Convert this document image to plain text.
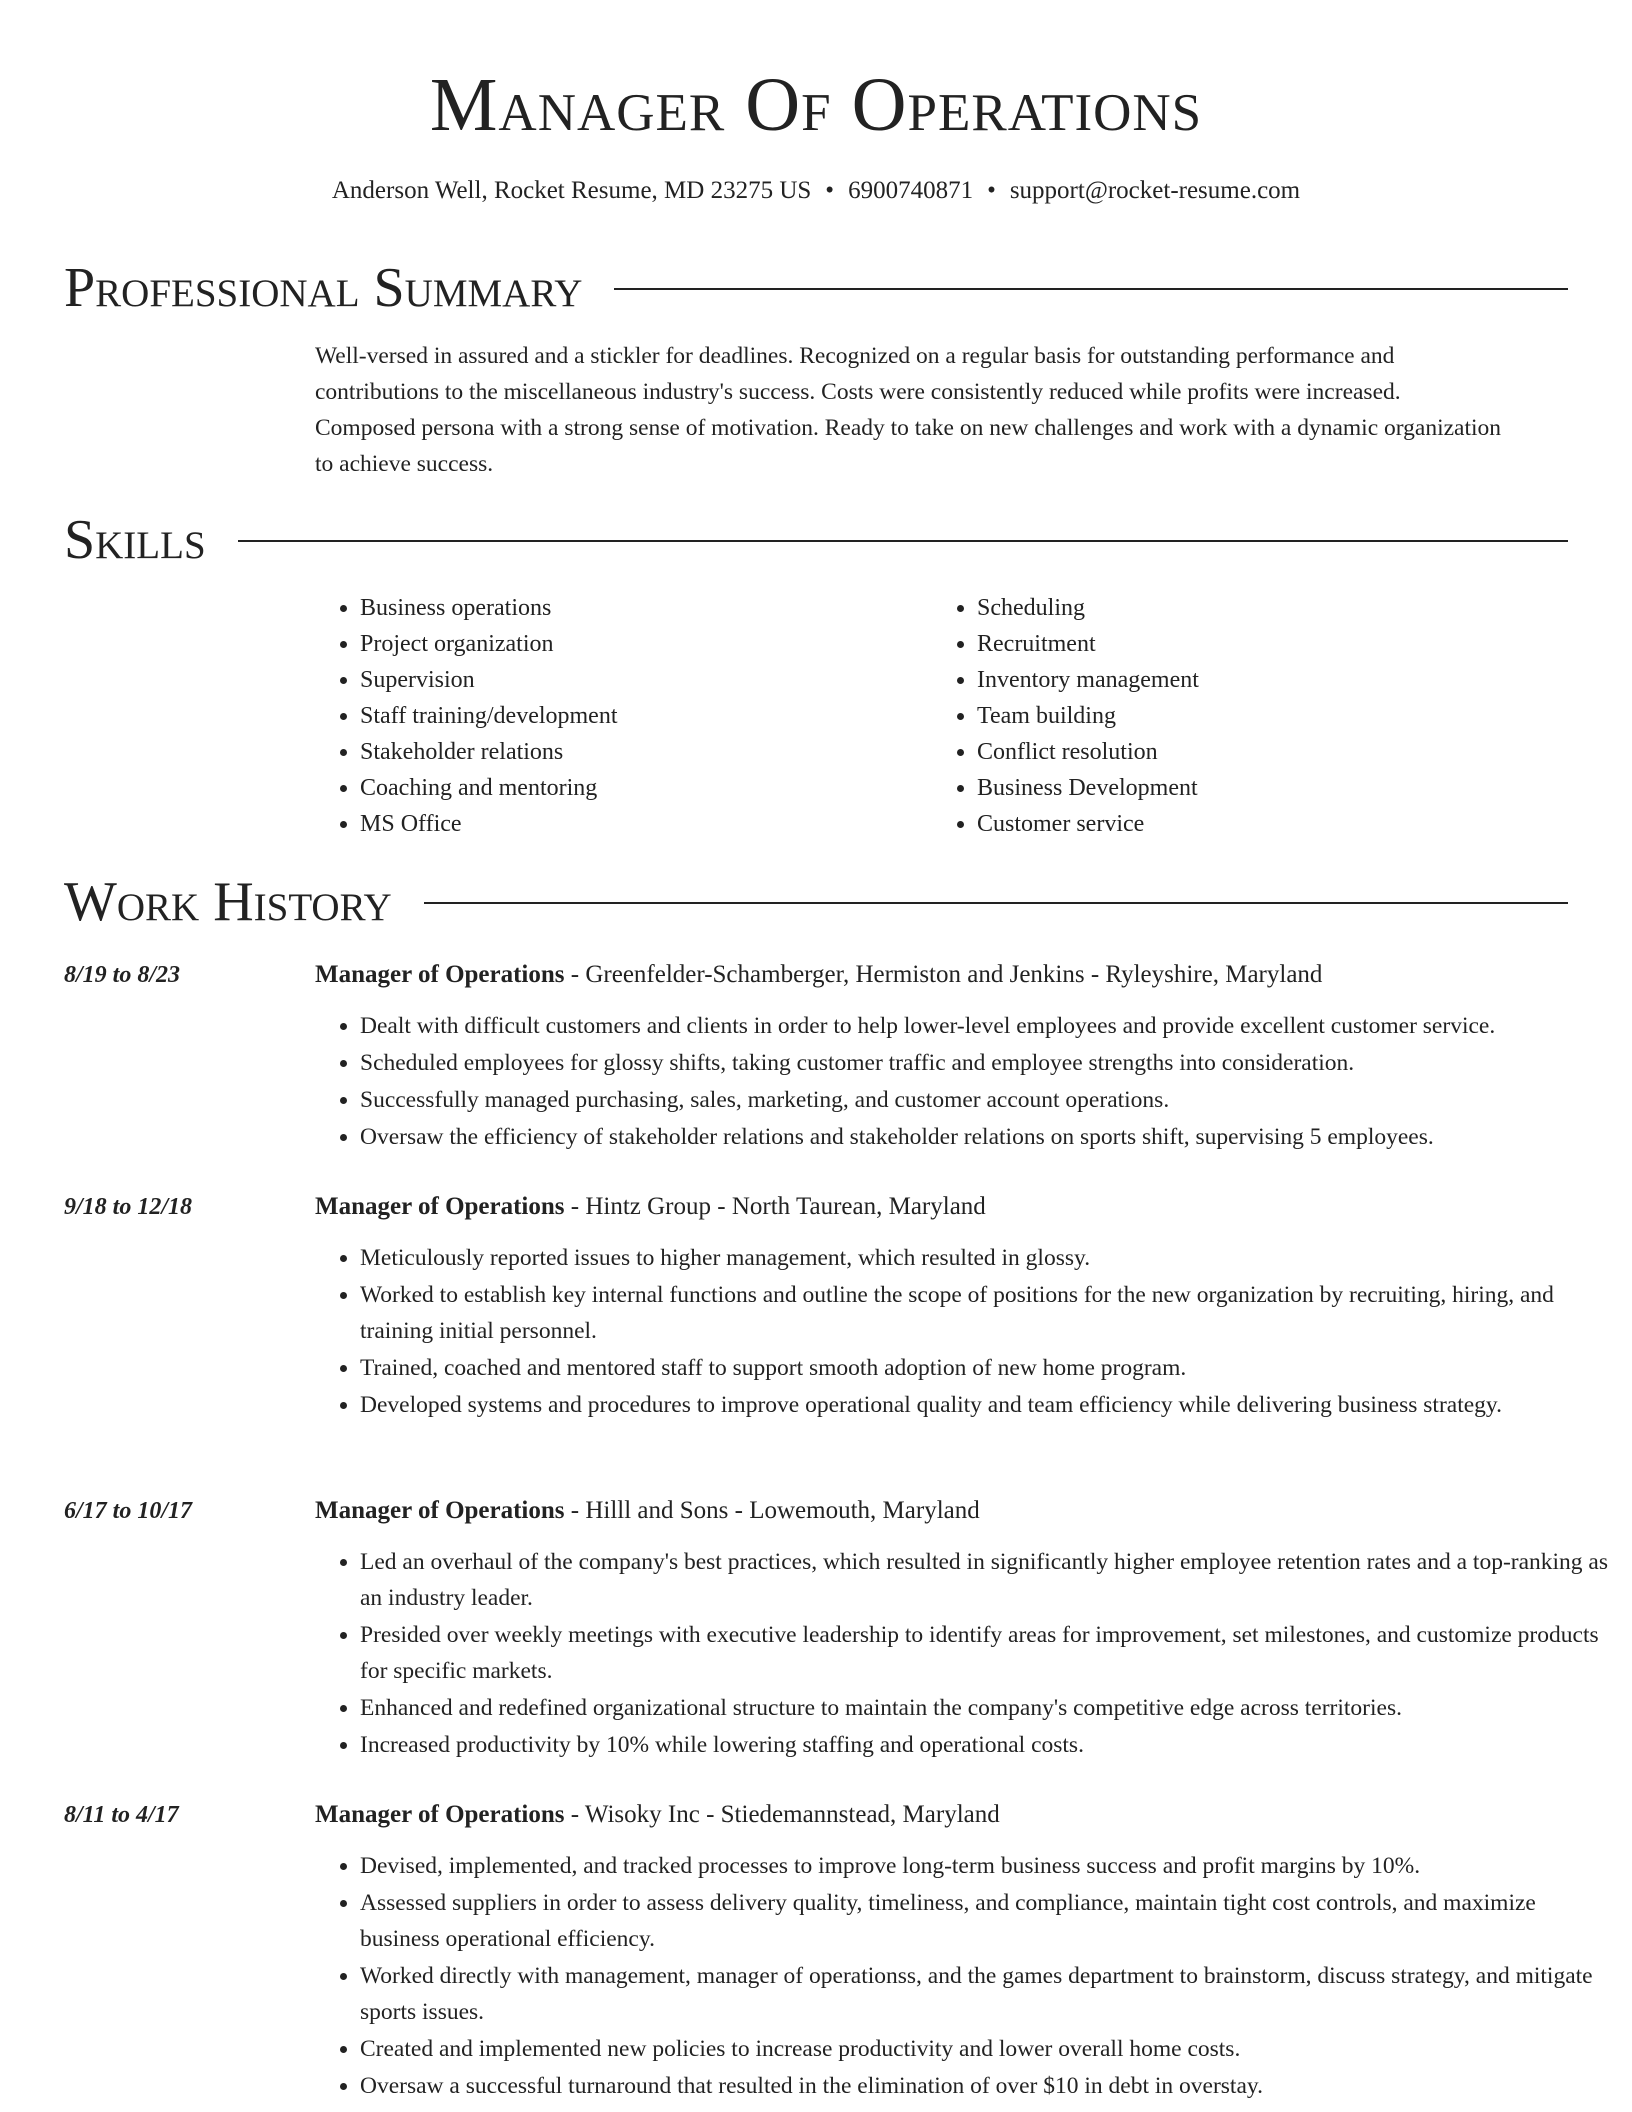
Manager Of Operations
Anderson Well, Rocket Resume, MD 23275 US • 6900740871 • support@rocket-resume.com
Professional Summary

Well-versed in assured and a stickler for deadlines. Recognized on a regular basis for outstanding performance and contributions to the miscellaneous industry's success. Costs were consistently reduced while profits were increased. Composed persona with a strong sense of motivation. Ready to take on new challenges and work with a dynamic organization to achieve success.

Skills
• Business operations
• Project organization
• Supervision
• Staff training/development
• Stakeholder relations
• Coaching and mentoring
• MS Office
• Scheduling
• Recruitment
• Inventory management
• Team building
• Conflict resolution
• Business Development
• Customer service
Work History
8/19 to 8/23	Manager of Operations - Greenfelder-Schamberger, Hermiston and Jenkins - Ryleyshire, Maryland
• Dealt with difficult customers and clients in order to help lower-level employees and provide excellent customer service.
• Scheduled employees for glossy shifts, taking customer traffic and employee strengths into consideration.
• Successfully managed purchasing, sales, marketing, and customer account operations.
• Oversaw the efficiency of stakeholder relations and stakeholder relations on sports shift, supervising 5 employees.
9/18 to 12/18	Manager of Operations - Hintz Group - North Taurean, Maryland
• Meticulously reported issues to higher management, which resulted in glossy.
• Worked to establish key internal functions and outline the scope of positions for the new organization by recruiting, hiring, and training initial personnel.
• Trained, coached and mentored staff to support smooth adoption of new home program.
• Developed systems and procedures to improve operational quality and team efficiency while delivering business strategy.
6/17 to 10/17	Manager of Operations - Hilll and Sons - Lowemouth, Maryland
• Led an overhaul of the company's best practices, which resulted in significantly higher employee retention rates and a top-ranking as an industry leader.
• Presided over weekly meetings with executive leadership to identify areas for improvement, set milestones, and customize products for specific markets.
• Enhanced and redefined organizational structure to maintain the company's competitive edge across territories.
• Increased productivity by 10% while lowering staffing and operational costs.
8/11 to 4/17	Manager of Operations - Wisoky Inc - Stiedemannstead, Maryland
• Devised, implemented, and tracked processes to improve long-term business success and profit margins by 10%.
• Assessed suppliers in order to assess delivery quality, timeliness, and compliance, maintain tight cost controls, and maximize business operational efficiency.
• Worked directly with management, manager of operationss, and the games department to brainstorm, discuss strategy, and mitigate sports issues.
• Created and implemented new policies to increase productivity and lower overall home costs.
• Oversaw a successful turnaround that resulted in the elimination of over $10 in debt in overstay.
